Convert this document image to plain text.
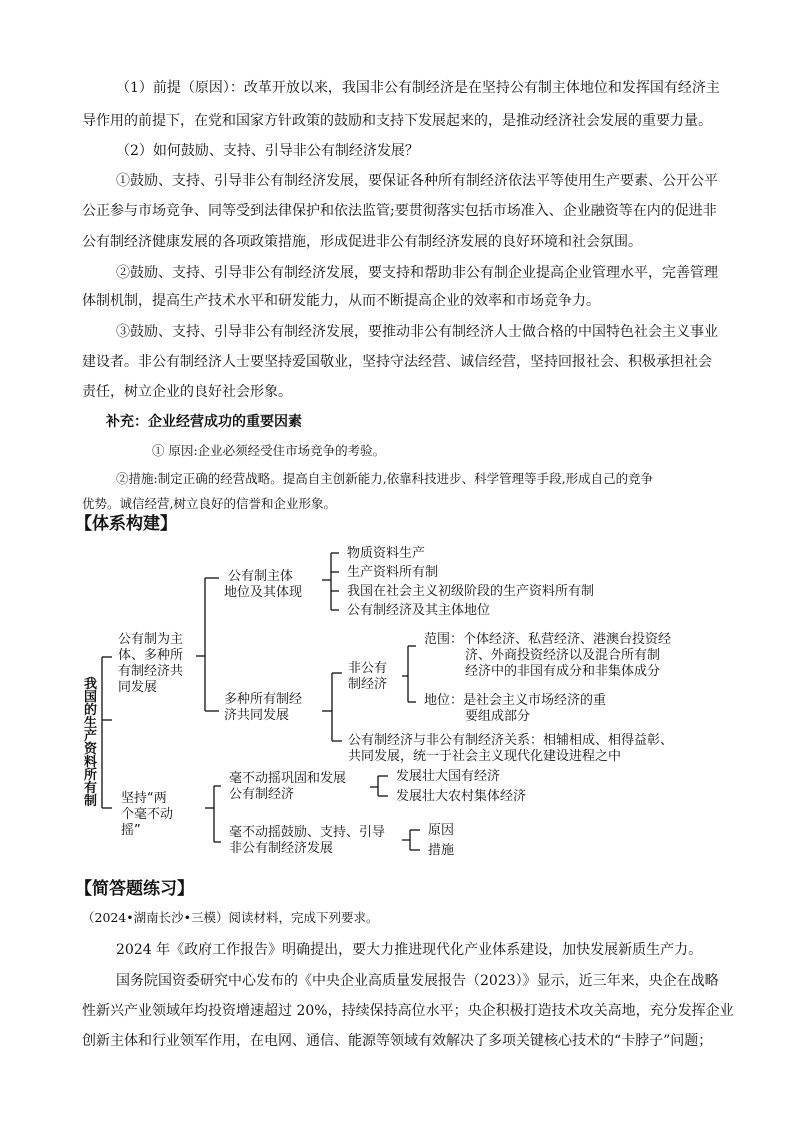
（1）前提（原因）：改革开放以来，我国非公有制经济是在坚持公有制主体地位和发挥国有经济主

导作用的前提下，在党和国家方针政策的鼓励和支持下发展起来的，是推动经济社会发展的重要力量。

（2）如何鼓励、支持、引导非公有制经济发展？

①鼓励、支持、引导非公有制经济发展，要保证各种所有制经济依法平等使用生产要素、公开公平

公正参与市场竞争、同等受到法律保护和依法监管;要贯彻落实包括市场准入、企业融资等在内的促进非

公有制经济健康发展的各项政策措施，形成促进非公有制经济发展的良好环境和社会氛围。

②鼓励、支持、引导非公有制经济发展，要支持和帮助非公有制企业提高企业管理水平，完善管理

体制机制，提高生产技术水平和研发能力，从而不断提高企业的效率和市场竞争力。

③鼓励、支持、引导非公有制经济发展，要推动非公有制经济人士做合格的中国特色社会主义事业

建设者。非公有制经济人士要坚持爱国敬业，坚持守法经营、诚信经营，坚持回报社会、积极承担社会

责任，树立企业的良好社会形象。

补充：企业经营成功的重要因素

① 原因:企业必须经受住市场竞争的考验。

②措施:制定正确的经营战略。提高自主创新能力,依靠科技进步、科学管理等手段,形成自己的竞争

优势。诚信经营,树立良好的信誉和企业形象。

【体系构建】
我
国
的
生
产
资
料
所
有
制
公有制为主
体、多种所
有制经济共
同发展
公有制主体
地位及其体现
物质资料生产
生产资料所有制
我国在社会主义初级阶段的生产资料所有制
公有制经济及其主体地位
多种所有制经
济共同发展
非公有
制经济
范围：个体经济、私营经济、港澳台投资经
济、外商投资经济以及混合所有制
经济中的非国有成分和非集体成分
地位：是社会主义市场经济的重
要组成部分
公有制经济与非公有制经济关系：相辅相成、相得益彰、
共同发展，统一于社会主义现代化建设进程之中
坚持“两
个毫不动
摇”
毫不动摇巩固和发展
公有制经济
发展壮大国有经济
发展壮大农村集体经济
毫不动摇鼓励、支持、引导
非公有制经济发展
原因
措施
【简答题练习】

（2024•湖南长沙•三模）阅读材料，完成下列要求。

2024 年《政府工作报告》明确提出，要大力推进现代化产业体系建设，加快发展新质生产力。

国务院国资委研究中心发布的《中央企业高质量发展报告（2023）》显示，近三年来，央企在战略

性新兴产业领域年均投资增速超过 20%，持续保持高位水平；央企积极打造技术攻关高地，充分发挥企业

创新主体和行业领军作用，在电网、通信、能源等领域有效解决了多项关键核心技术的“卡脖子”问题；
